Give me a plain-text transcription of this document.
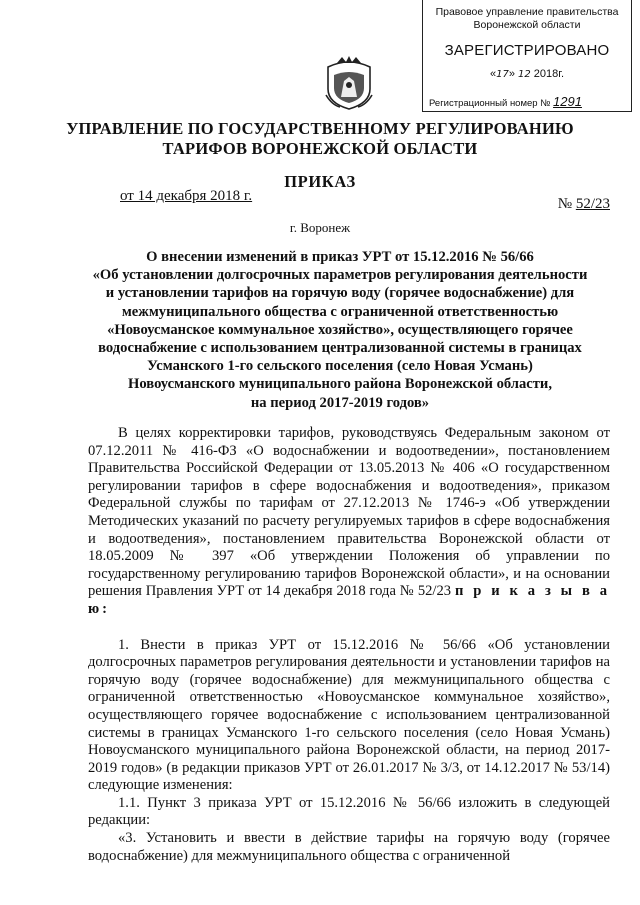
Правовое управление правительства
Воронежской области
ЗАРЕГИСТРИРОВАНО
«17» 12 2018г.
Регистрационный номер № 1291
УПРАВЛЕНИЕ ПО ГОСУДАРСТВЕННОМУ РЕГУЛИРОВАНИЮ
ТАРИФОВ ВОРОНЕЖСКОЙ ОБЛАСТИ
ПРИКАЗ
от 14 декабря 2018 г.	№ 52/23
г. Воронеж
О внесении изменений в приказ УРТ от 15.12.2016 № 56/66
«Об установлении долгосрочных параметров регулирования деятельности
и установлении тарифов на горячую воду (горячее водоснабжение) для
межмуниципального общества с ограниченной ответственностью
«Новоусманское коммунальное хозяйство», осуществляющего горячее
водоснабжение с использованием централизованной системы в границах
Усманского 1-го сельского поселения (село Новая Усмань)
Новоусманского муниципального района Воронежской области,
на период 2017-2019 годов»

В целях корректировки тарифов, руководствуясь Федеральным законом от 07.12.2011 № 416-ФЗ «О водоснабжении и водоотведении», постановлением Правительства Российской Федерации от 13.05.2013 № 406 «О государственном регулировании тарифов в сфере водоснабжения и водоотведения», приказом Федеральной службы по тарифам от 27.12.2013 № 1746-э «Об утверждении Методических указаний по расчету регулируемых тарифов в сфере водоснабжения и водоотведения», постановлением правительства Воронежской области от 18.05.2009 № 397 «Об утверждении Положения об управлении по государственному регулированию тарифов Воронежской области», и на основании решения Правления УРТ от 14 декабря 2018 года № 52/23 п р и к а з ы в а ю:

1. Внести в приказ УРТ от 15.12.2016 № 56/66 «Об установлении долгосрочных параметров регулирования деятельности и установлении тарифов на горячую воду (горячее водоснабжение) для межмуниципального общества с ограниченной ответственностью «Новоусманское коммунальное хозяйство», осуществляющего горячее водоснабжение с использованием централизованной системы в границах Усманского 1-го сельского поселения (село Новая Усмань) Новоусманского муниципального района Воронежской области, на период 2017-2019 годов» (в редакции приказов УРТ от 26.01.2017 № 3/3, от 14.12.2017 № 53/14) следующие изменения:

1.1. Пункт 3 приказа УРТ от 15.12.2016 № 56/66 изложить в следующей редакции:

«3. Установить и ввести в действие тарифы на горячую воду (горячее водоснабжение) для межмуниципального общества с ограниченной
